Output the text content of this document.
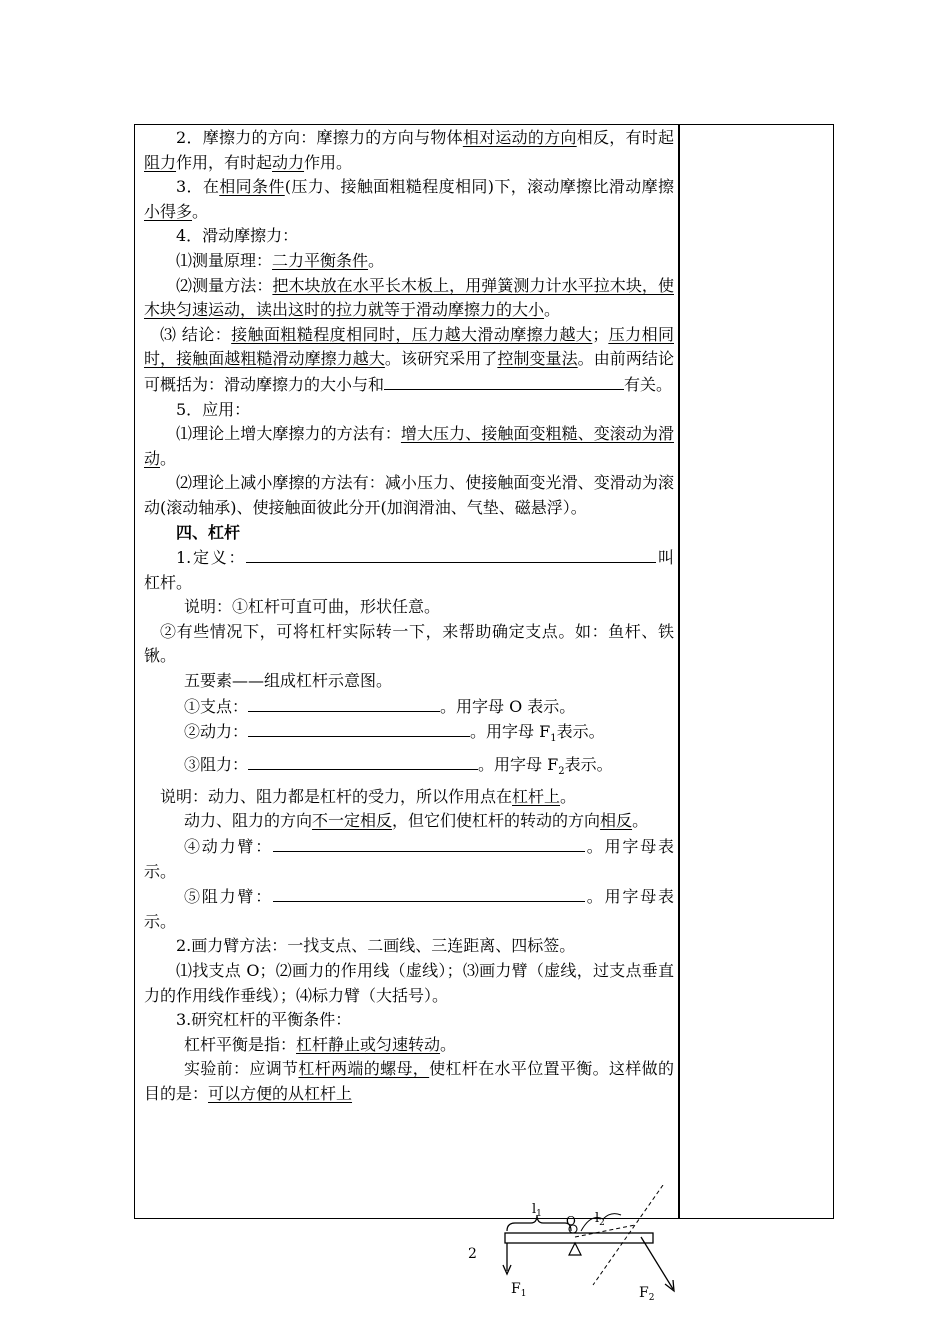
2．摩擦力的方向：摩擦力的方向与物体相对运动的方向相反，有时起阻力作用，有时起动力作用。

3．在相同条件(压力、接触面粗糙程度相同)下，滚动摩擦比滑动摩擦小得多。

4．滑动摩擦力：

⑴测量原理：二力平衡条件。

⑵测量方法：把木块放在水平长木板上，用弹簧测力计水平拉木块，使木块匀速运动，读出这时的拉力就等于滑动摩擦力的大小。

⑶ 结论：接触面粗糙程度相同时，压力越大滑动摩擦力越大；压力相同时，接触面越粗糙滑动摩擦力越大。该研究采用了控制变量法。由前两结论可概括为：滑动摩擦力的大小与和	有关。

5．应用：

⑴理论上增大摩擦力的方法有：增大压力、接触面变粗糙、变滚动为滑动。

⑵理论上减小摩擦的方法有：减小压力、使接触面变光滑、变滑动为滚动(滚动轴承)、使接触面彼此分开(加润滑油、气垫、磁悬浮）。

四、杠杆

1.定义：	叫杠杆。

说明：①杠杆可直可曲，形状任意。

②有些情况下，可将杠杆实际转一下，来帮助确定支点。如：鱼杆、铁锹。

五要素——组成杠杆示意图。

①支点：	。用字母 O 表示。

②动力：	。用字母 $F_1$表示。

③阻力：	。用字母 $F_2$表示。

说明：动力、阻力都是杠杆的受力，所以作用点在杠杆上。

动力、阻力的方向不一定相反，但它们使杠杆的转动的方向相反。

④动力臂：	。用字母表示。

⑤阻力臂：	。用字母表示。

2.画力臂方法：一找支点、二画线、三连距离、四标签。

⑴找支点 O；⑵画力的作用线（虚线）；⑶画力臂（虚线，过支点垂直力的作用线作垂线）；⑷标力臂（大括号）。

3.研究杠杆的平衡条件：

杠杆平衡是指：杠杆静止或匀速转动。

实验前：应调节杠杆两端的螺母，使杠杆在水平位置平衡。这样做的目的是：可以方便的从杠杆上

2
$l_1$ O $l_2$
$F_1$	$F_2$
